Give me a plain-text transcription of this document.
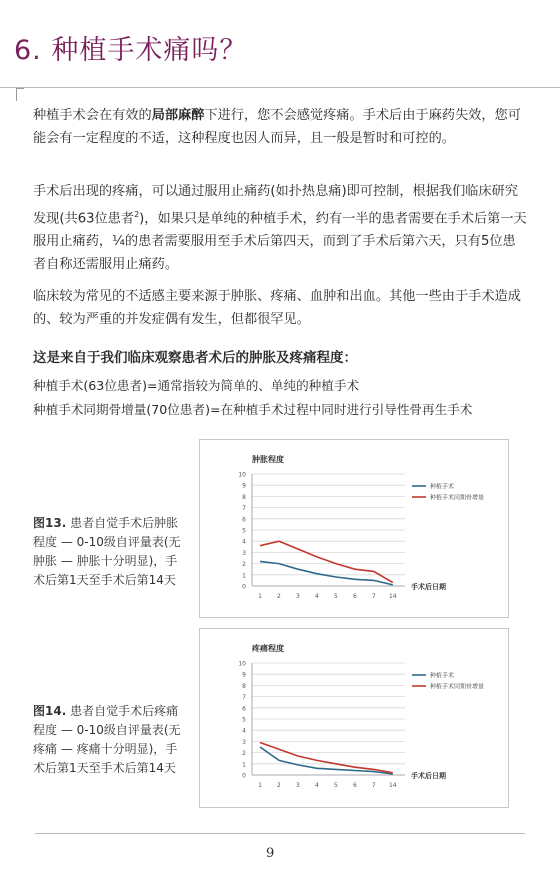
6. 种植手术痛吗？
种植手术会在有效的局部麻醉下进行，您不会感觉疼痛。手术后由于麻药失效，您可能会有一定程度的不适，这种程度也因人而异，且一般是暂时和可控的。
手术后出现的疼痛，可以通过服用止痛药(如扑热息痛)即可控制，根据我们临床研究发现(共63位患者$^2$)，如果只是单纯的种植手术，约有一半的患者需要在手术后第一天服用止痛药，¼的患者需要服用至手术后第四天，而到了手术后第六天，只有5位患者自称还需服用止痛药。
临床较为常见的不适感主要来源于肿胀、疼痛、血肿和出血。其他一些由于手术造成的、较为严重的并发症偶有发生，但都很罕见。
这是来自于我们临床观察患者术后的肿胀及疼痛程度：
种植手术(63位患者)=通常指较为简单的、单纯的种植手术
种植手术同期骨增量(70位患者)=在种植手术过程中同时进行引导性骨再生手术
图13. 患者自觉手术后肿胀程度 — 0-10级自评量表(无肿胀 — 肿胀十分明显)，手术后第1天至手术后第14天
图14. 患者自觉手术后疼痛程度 — 0-10级自评量表(无疼痛 — 疼痛十分明显)，手术后第1天至手术后第14天
肿胀程度
0
1
2
3
4
5
6
7
8
9
10
1	2	3	4	5	6	7 14
手术后日期
种植手术
种植手术同期骨增量
疼痛程度
0
1
2
3
4
5
6
7
8
9
10
1	2	3	4	5	6	7 14
手术后日期
种植手术
种植手术同期骨增量
9
